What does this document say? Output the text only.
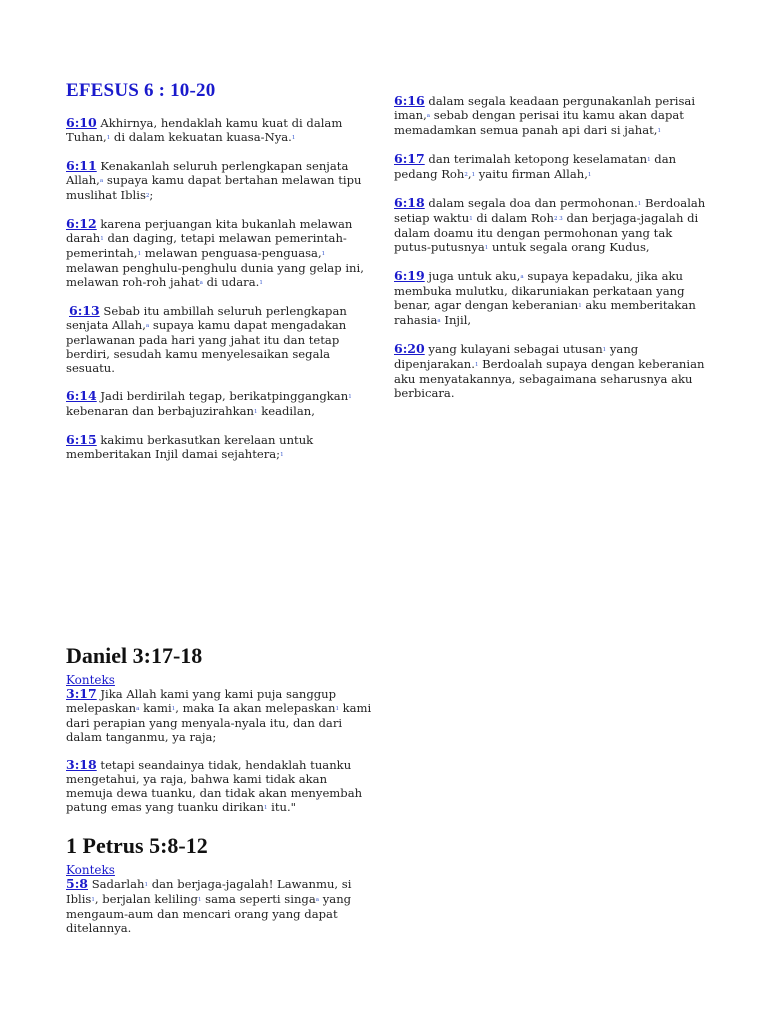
EFESUS 6 : 10-20

6:10 Akhirnya, hendaklah kamu kuat di dalam Tuhan,$^1$ di dalam kekuatan kuasa-Nya.$^1$

6:11 Kenakanlah seluruh perlengkapan senjata Allah,$^a$ supaya kamu dapat bertahan melawan tipu muslihat Iblis$^2$;

6:12 karena perjuangan kita bukanlah melawan darah$^1$ dan daging, tetapi melawan pemerintah-pemerintah,$^1$ melawan penguasa-penguasa,$^1$ melawan penghulu-penghulu dunia yang gelap ini, melawan roh-roh jahat$^a$ di udara.$^1$

6:13 Sebab itu ambillah seluruh perlengkapan senjata Allah,$^a$ supaya kamu dapat mengadakan perlawanan pada hari yang jahat itu dan tetap berdiri, sesudah kamu menyelesaikan segala sesuatu.

6:14 Jadi berdirilah tegap, berikatpinggangkan$^1$ kebenaran dan berbajuzirahkan$^1$ keadilan,

6:15 kakimu berkasutkan kerelaan untuk memberitakan Injil damai sejahtera;$^1$

6:16 dalam segala keadaan pergunakanlah perisai iman,$^a$ sebab dengan perisai itu kamu akan dapat memadamkan semua panah api dari si jahat,$^1$

6:17 dan terimalah ketopong keselamatan$^1$ dan pedang Roh$^2$,$^1$ yaitu firman Allah,$^1$

6:18 dalam segala doa dan permohonan.$^1$ Berdoalah setiap waktu$^1$ di dalam Roh$^{2 3}$ dan berjaga-jagalah di dalam doamu itu dengan permohonan yang tak putus-putusnya$^1$ untuk segala orang Kudus,

6:19 juga untuk aku,$^a$ supaya kepadaku, jika aku membuka mulutku, dikaruniakan perkataan yang benar, agar dengan keberanian$^1$ aku memberitakan rahasia$^a$ Injil,

6:20 yang kulayani sebagai utusan$^1$ yang dipenjarakan.$^1$ Berdoalah supaya dengan keberanian aku menyatakannya, sebagaimana seharusnya aku berbicara.

Daniel 3:17-18
Konteks

3:17 Jika Allah kami yang kami puja sanggup melepaskan$^a$ kami$^1$, maka Ia akan melepaskan$^1$ kami dari perapian yang menyala-nyala itu, dan dari dalam tanganmu, ya raja;

3:18 tetapi seandainya tidak, hendaklah tuanku mengetahui, ya raja, bahwa kami tidak akan memuja dewa tuanku, dan tidak akan menyembah patung emas yang tuanku dirikan$^1$ itu."

1 Petrus 5:8-12
Konteks

5:8 Sadarlah$^1$ dan berjaga-jagalah! Lawanmu, si Iblis$^1$, berjalan keliling$^1$ sama seperti singa$^a$ yang mengaum-aum dan mencari orang yang dapat ditelannya.
